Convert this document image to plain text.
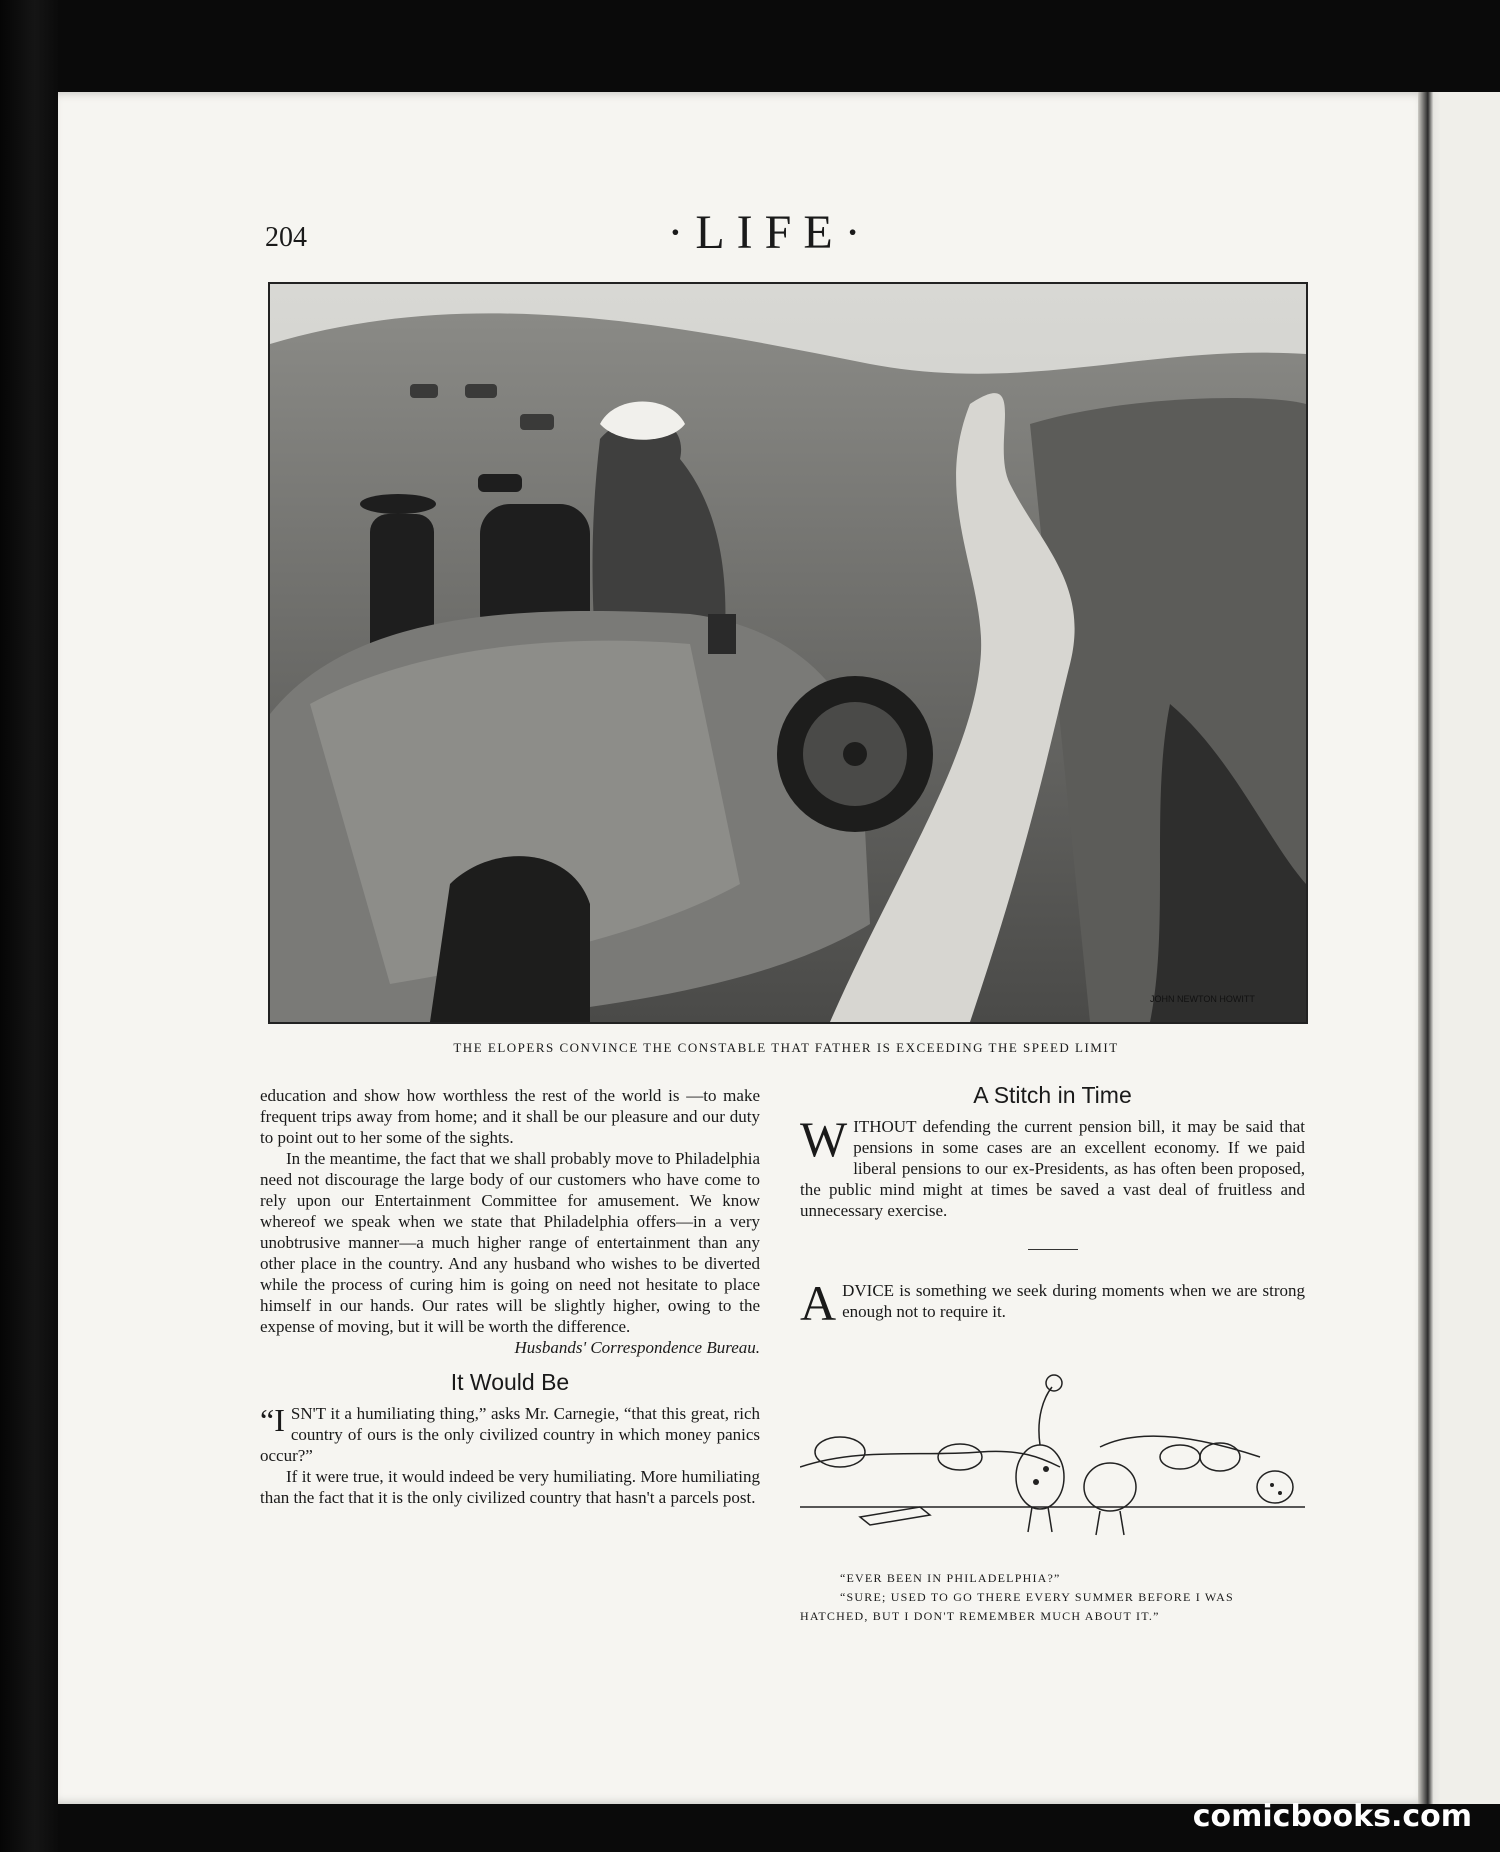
204	·LIFE·
JOHN NEWTON HOWITT
THE ELOPERS CONVINCE THE CONSTABLE THAT FATHER IS EXCEEDING THE SPEED LIMIT

education and show how worthless the rest of the world is —to make frequent trips away from home; and it shall be our pleasure and our duty to point out to her some of the sights.

In the meantime, the fact that we shall probably move to Philadelphia need not discourage the large body of our customers who have come to rely upon our Entertainment Committee for amusement. We know whereof we speak when we state that Philadelphia offers—in a very unobtrusive manner—a much higher range of entertainment than any other place in the country. And any husband who wishes to be diverted while the process of curing him is going on need not hesitate to place himself in our hands. Our rates will be slightly higher, owing to the expense of moving, but it will be worth the difference.

Husbands' Correspondence Bureau.

It Would Be

“ISN'T it a humiliating thing,” asks Mr. Carnegie, “that this great, rich country of ours is the only civilized country in which money panics occur?”

If it were true, it would indeed be very humiliating. More humiliating than the fact that it is the only civilized country that hasn't a parcels post.

A Stitch in Time

WITHOUT defending the current pension bill, it may be said that pensions in some cases are an excellent economy. If we paid liberal pensions to our ex-Presidents, as has often been proposed, the public mind might at times be saved a vast deal of fruitless and unnecessary exercise.

ADVICE is something we seek during moments when we are strong enough not to require it.

“EVER BEEN IN PHILADELPHIA?”
“SURE; USED TO GO THERE EVERY SUMMER BEFORE I WAS HATCHED, BUT I DON'T REMEMBER MUCH ABOUT IT.”
comicbooks.com
